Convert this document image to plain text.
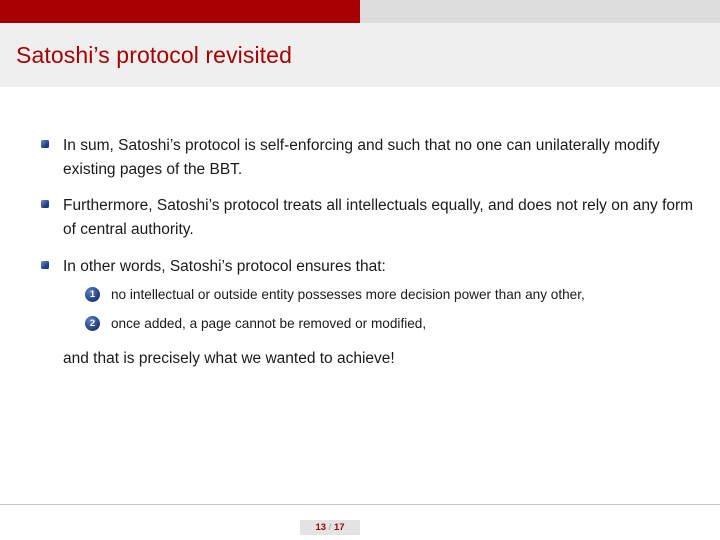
Satoshi’s protocol revisited
In sum, Satoshi’s protocol is self-enforcing and such that no one can unilaterally modify existing pages of the BBT.
Furthermore, Satoshi’s protocol treats all intellectuals equally, and does not rely on any form of central authority.
In other words, Satoshi’s protocol ensures that:
1	no intellectual or outside entity possesses more decision power than any other,
2	once added, a page cannot be removed or modified,
and that is precisely what we wanted to achieve!
13 / 17
